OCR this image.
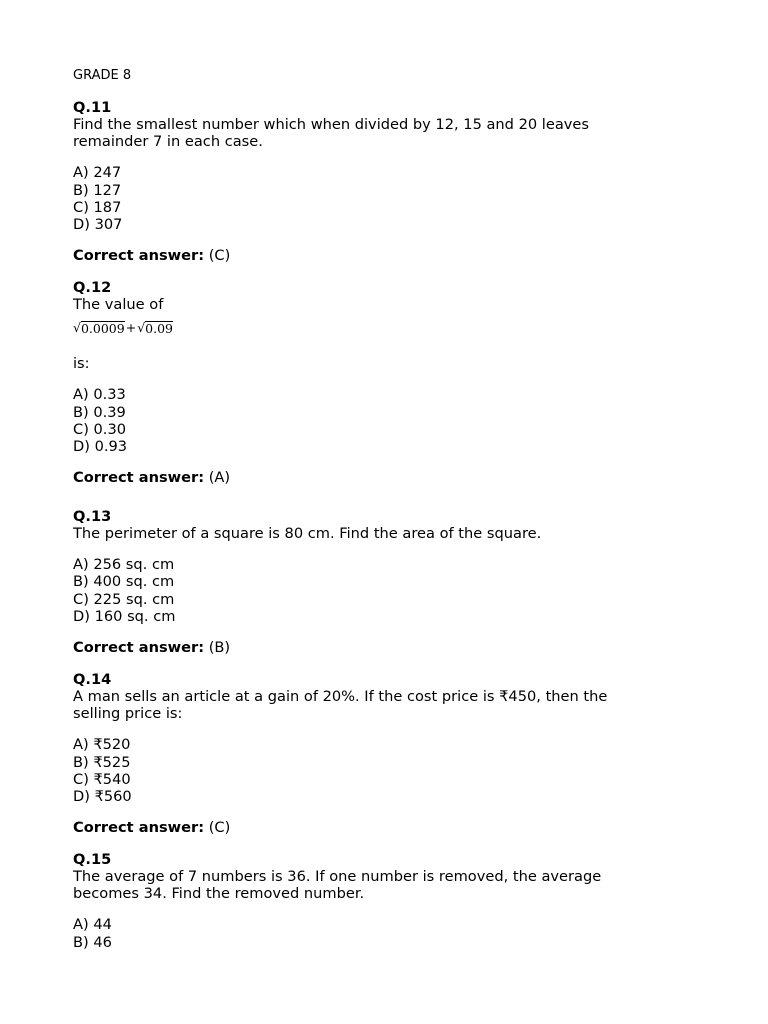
GRADE 8
Q.11
Find the smallest number which when divided by 12, 15 and 20 leaves
remainder 7 in each case.
A) 247
B) 127
C) 187
D) 307
Correct answer: (C)
Q.12
The value of
√ 0.0009 + √ 0.09
is:
A) 0.33
B) 0.39
C) 0.30
D) 0.93
Correct answer: (A)
Q.13
The perimeter of a square is 80 cm. Find the area of the square.
A) 256 sq. cm
B) 400 sq. cm
C) 225 sq. cm
D) 160 sq. cm
Correct answer: (B)
Q.14
A man sells an article at a gain of 20%. If the cost price is ₹450, then the
selling price is:
A) ₹520
B) ₹525
C) ₹540
D) ₹560
Correct answer: (C)
Q.15
The average of 7 numbers is 36. If one number is removed, the average
becomes 34. Find the removed number.
A) 44
B) 46
